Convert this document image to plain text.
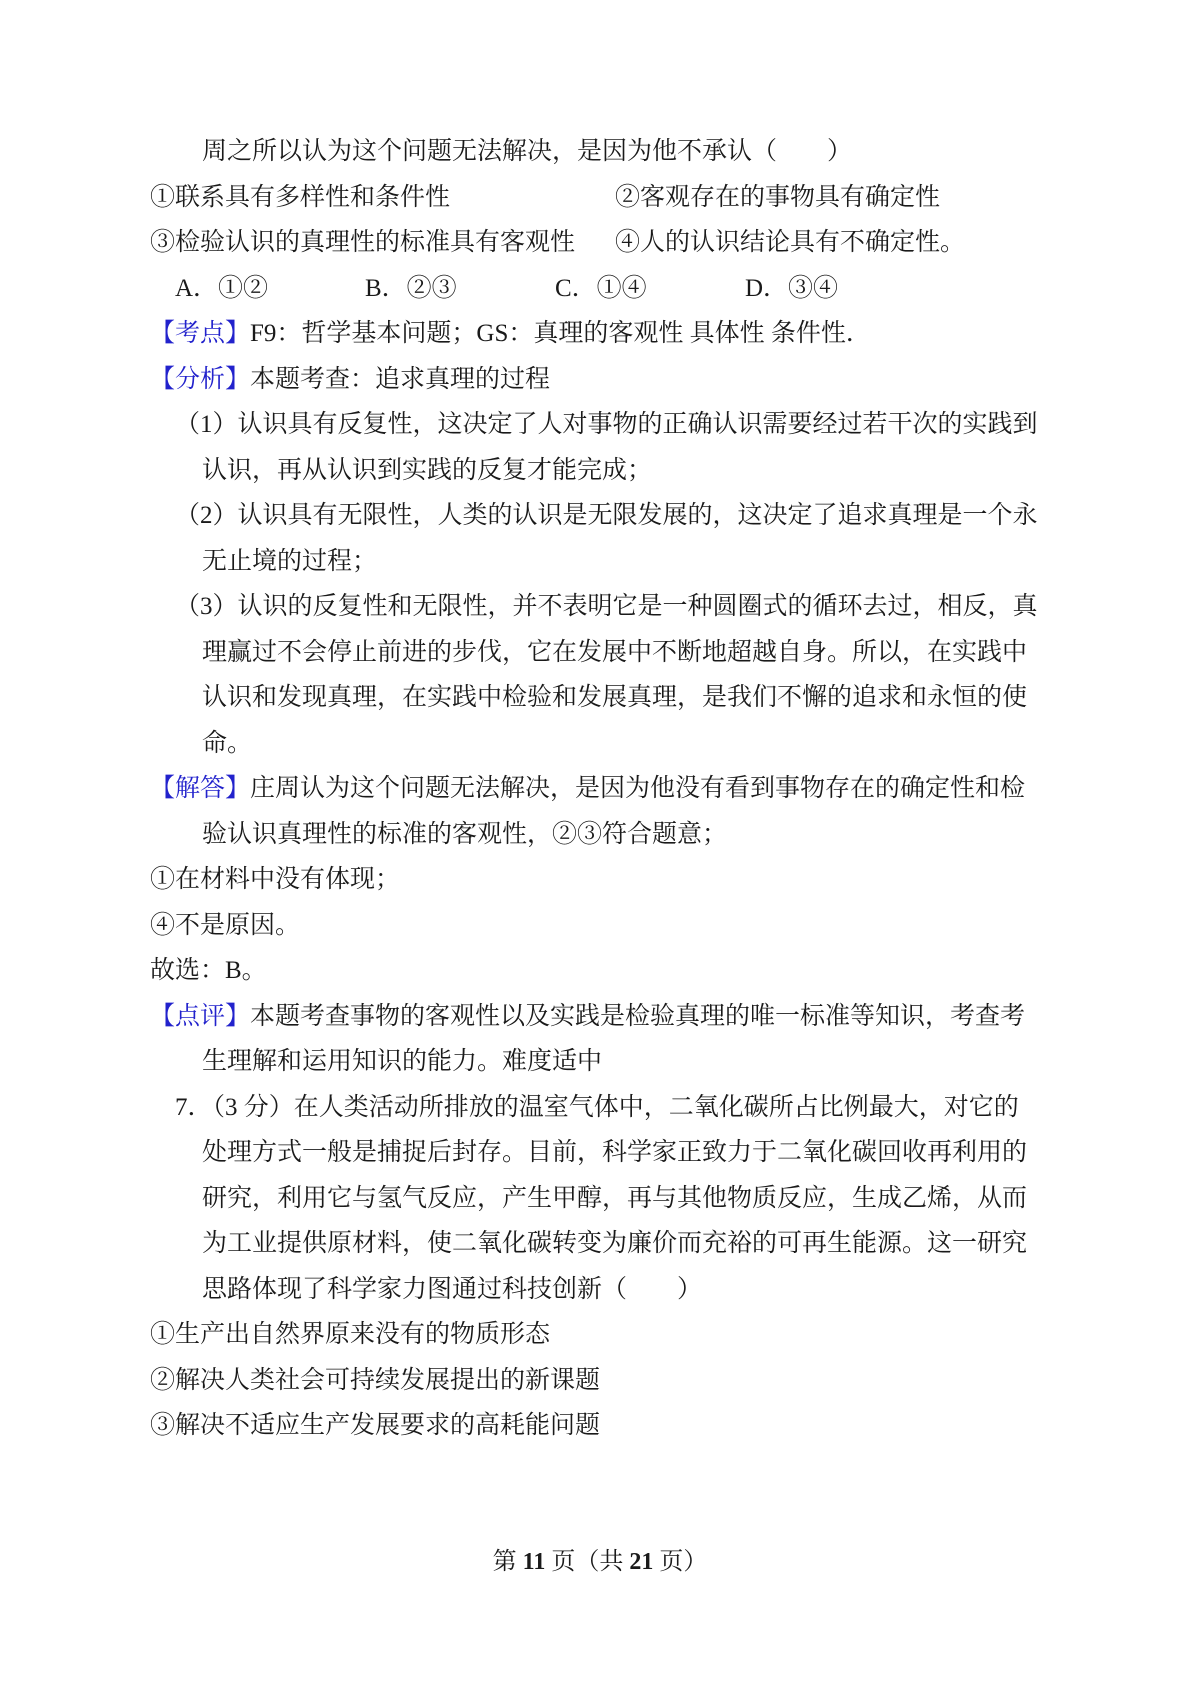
周之所以认为这个问题无法解决，是因为他不承认（　　）
①联系具有多样性和条件性	②客观存在的事物具有确定性
③检验认识的真理性的标准具有客观性 ④人的认识结论具有不确定性。
A．①②	B．②③	C．①④	D．③④
【考点】F9：哲学基本问题；GS：真理的客观性 具体性 条件性．
【分析】本题考查：追求真理的过程
（1）认识具有反复性，这决定了人对事物的正确认识需要经过若干次的实践到
认识，再从认识到实践的反复才能完成；
（2）认识具有无限性，人类的认识是无限发展的，这决定了追求真理是一个永
无止境的过程；
（3）认识的反复性和无限性，并不表明它是一种圆圈式的循环去过，相反，真
理赢过不会停止前进的步伐，它在发展中不断地超越自身。所以，在实践中
认识和发现真理，在实践中检验和发展真理，是我们不懈的追求和永恒的使
命。
【解答】庄周认为这个问题无法解决，是因为他没有看到事物存在的确定性和检
验认识真理性的标准的客观性，②③符合题意；
①在材料中没有体现；
④不是原因。
故选：B。
【点评】本题考查事物的客观性以及实践是检验真理的唯一标准等知识，考查考
生理解和运用知识的能力。难度适中
7．（3 分）在人类活动所排放的温室气体中，二氧化碳所占比例最大，对它的
处理方式一般是捕捉后封存。目前，科学家正致力于二氧化碳回收再利用的
研究，利用它与氢气反应，产生甲醇，再与其他物质反应，生成乙烯，从而
为工业提供原材料，使二氧化碳转变为廉价而充裕的可再生能源。这一研究
思路体现了科学家力图通过科技创新（　　）
①生产出自然界原来没有的物质形态
②解决人类社会可持续发展提出的新课题
③解决不适应生产发展要求的高耗能问题
第 11 页（共 21 页）
